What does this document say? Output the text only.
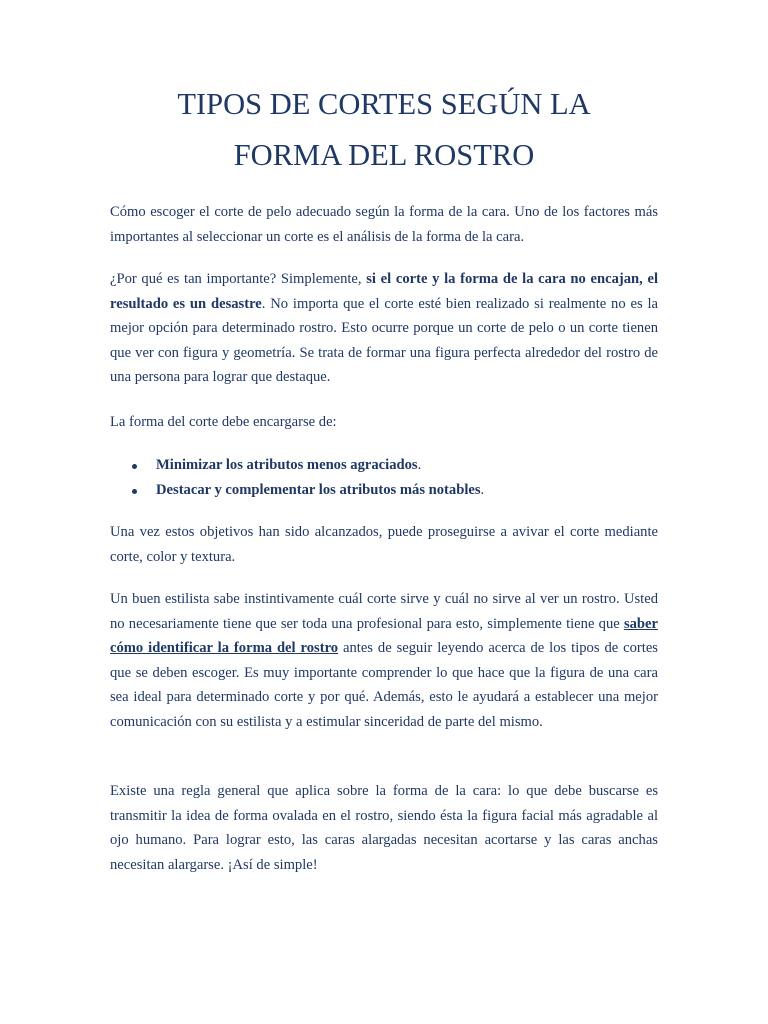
TIPOS DE CORTES SEGÚN LA
FORMA DEL ROSTRO

Cómo escoger el corte de pelo adecuado según la forma de la cara. Uno de los factores más importantes al seleccionar un corte es el análisis de la forma de la cara.

¿Por qué es tan importante? Simplemente, si el corte y la forma de la cara no encajan, el resultado es un desastre. No importa que el corte esté bien realizado si realmente no es la mejor opción para determinado rostro. Esto ocurre porque un corte de pelo o un corte tienen que ver con figura y geometría. Se trata de formar una figura perfecta alrededor del rostro de una persona para lograr que destaque.

La forma del corte debe encargarse de:

Minimizar los atributos menos agraciados.
Destacar y complementar los atributos más notables.

Una vez estos objetivos han sido alcanzados, puede proseguirse a avivar el corte mediante corte, color y textura.

Un buen estilista sabe instintivamente cuál corte sirve y cuál no sirve al ver un rostro. Usted no necesariamente tiene que ser toda una profesional para esto, simplemente tiene que saber cómo identificar la forma del rostro antes de seguir leyendo acerca de los tipos de cortes que se deben escoger. Es muy importante comprender lo que hace que la figura de una cara sea ideal para determinado corte y por qué. Además, esto le ayudará a establecer una mejor comunicación con su estilista y a estimular sinceridad de parte del mismo.

Existe una regla general que aplica sobre la forma de la cara: lo que debe buscarse es transmitir la idea de forma ovalada en el rostro, siendo ésta la figura facial más agradable al ojo humano. Para lograr esto, las caras alargadas necesitan acortarse y las caras anchas necesitan alargarse. ¡Así de simple!
